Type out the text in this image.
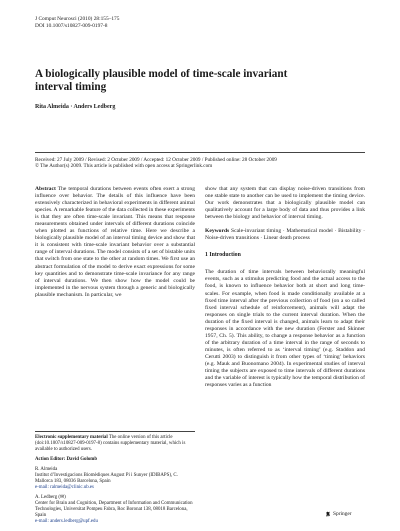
J Comput Neurosci (2010) 28:155–175
DOI 10.1007/s10827-009-0197-8
A biologically plausible model of time-scale invariant interval timing
Rita Almeida · Anders Ledberg
Received: 27 July 2009 / Revised: 2 October 2009 / Accepted: 12 October 2009 / Published online: 28 October 2009
© The Author(s) 2009. This article is published with open access at Springerlink.com

Abstract The temporal durations between events often exert a strong influence over behavior. The details of this influence have been extensively characterized in behavioral experiments in different animal species. A remarkable feature of the data collected in these experiments is that they are often time-scale invariant. This means that response measurements obtained under intervals of different durations coincide when plotted as functions of relative time. Here we describe a biologically plausible model of an interval timing device and show that it is consistent with time-scale invariant behavior over a substantial range of interval durations. The model consists of a set of bistable units that switch from one state to the other at random times. We first use an abstract formulation of the model to derive exact expressions for some key quantities and to demonstrate time-scale invariance for any range of interval durations. We then show how the model could be implemented in the nervous system through a generic and biologically plausible mechanism. In particular, we

show that any system that can display noise-driven transitions from one stable state to another can be used to implement the timing device. Our work demonstrates that a biologically plausible model can qualitatively account for a large body of data and thus provides a link between the biology and behavior of interval timing.

Keywords Scale-invariant timing · Mathematical model · Bistability · Noise-driven transitions · Linear death process

1 Introduction

The duration of time intervals between behaviorally meaningful events, such as a stimulus predicting food and the actual access to the food, is known to influence behavior both at short and long time-scales. For example, when food is made conditionally available at a fixed time interval after the previous collection of food (on a so called fixed interval schedule of reinforcement), animals will adapt the responses on single trials to the current interval duration. When the duration of the fixed interval is changed, animals learn to adapt their responses in accordance with the new duration (Ferster and Skinner 1957, Ch. 5). This ability, to change a response behavior as a function of the arbitrary duration of a time interval in the range of seconds to minutes, is often referred to as ‘interval timing’ (e.g. Staddon and Cerutti 2003) to distinguish it from other types of ‘timing’ behaviors (e.g. Mauk and Buonomano 2004). In experimental studies of interval timing the subjects are exposed to time intervals of different durations and the variable of interest is typically how the temporal distribution of responses varies as a function

Electronic supplementary material The online version of this article (doi:10.1007/s10827-009-0197-8) contains supplementary material, which is available to authorized users.
Action Editor: David Golomb
R. Almeida
Institut d’Investigacions Biomèdiques August Pi i Sunyer (IDIBAPS), C. Mallorca 183, 08036 Barcelona, Spain
e-mail: ralmeida@clinic.ub.es
A. Ledberg (✉)
Center for Brain and Cognition, Department of Information and Communication Technologies, Universitat Pompeu Fabra, Roc Boronat 138, 08018 Barcelona, Spain
e-mail: anders.ledberg@upf.edu
Springer
